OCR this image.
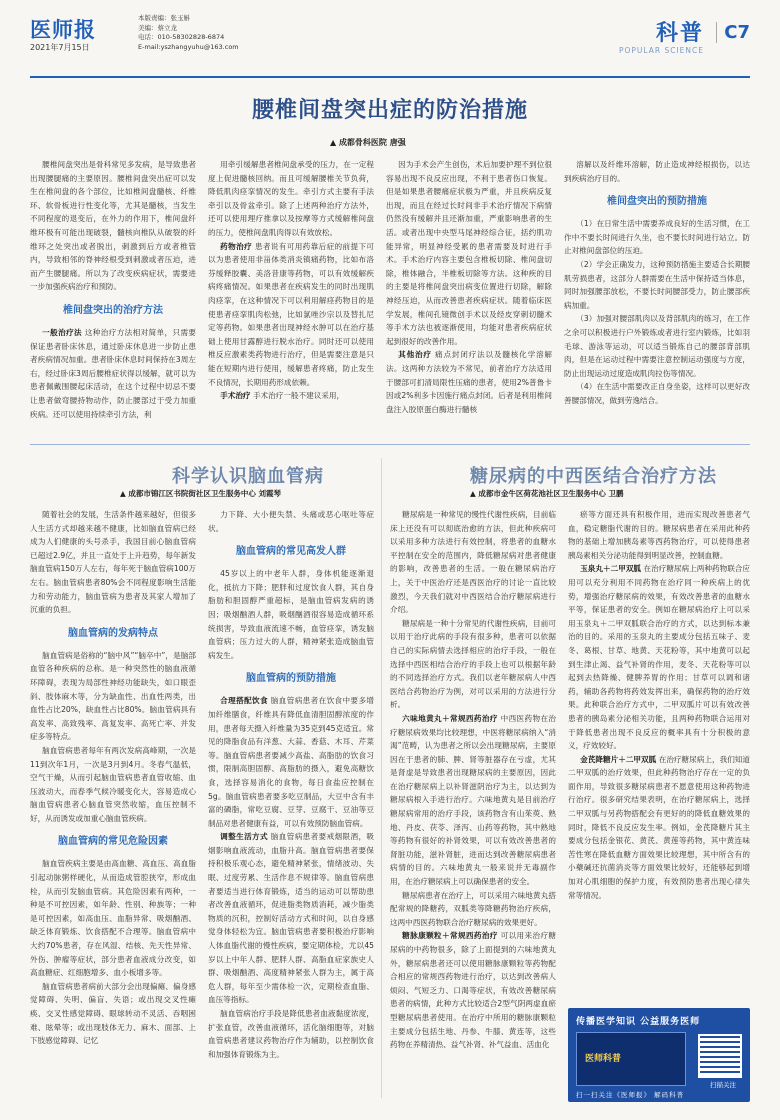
医师报
2021年7月15日
本版责编：张玉斛
美编：蔡立龙
电话：010-58302828-6874
E-mail:yszhangyuhu@163.com
科普
POPULAR SCIENCE
C7
腰椎间盘突出症的防治措施
▲ 成都骨科医院 唐强

腰椎间盘突出是骨科常见多发病，是导致患者出现腰腿痛的主要原因。腰椎间盘突出症可以发生在椎间盘的各个部位，比如椎间盘髓核、纤维环、软骨板进行性变化等，尤其是髓核，当发生不同程度的退变后，在外力的作用下，椎间盘纤维环极有可能出现破裂，髓核向椎队从破裂的纤维环之处突出或者脱出，刺激到后方或者椎管内，导致相邻的脊神经根受到刺激或者压迫，进而产生腰腿痛。所以为了改变疾病症状，需要进一步加强疾病治疗和预防。

椎间盘突出的治疗方法

一般治疗法 这种治疗方法相对简单，只需要保证患者卧床休息，通过卧床休息进一步防止患者疾病情况加重。患者卧床休息时间保持在3周左右，经过卧床3周后腰椎症状得以缓解，就可以为患者佩戴围腰起床活动，在这个过程中切忌不要让患者做弯腰持物动作，防止腰部过于受力加重疾病。还可以使用持续牵引方法，利

用牵引缓解患者椎间盘承受的压力，在一定程度上促进髓核回纳。而且可缓解腰椎关节负荷，降低肌肉痉挛情况的发生。牵引方式主要有手法牵引以及骨盆牵引。除了上述两种治疗方法外，还可以使用理疗推拿以及按摩等方式缓解椎间盘的压力，使椎间盘肌肉得以有效放松。

药物治疗 患者说有可用药靠后症的前提下可以为患者使用非甾体类消炎镇痛药物，比如布洛芬缓释胶囊、美洛昔康等药物，可以有效缓解疾病疼痛情况。如果患者在疾病发生的同时出现肌肉痉挛，在这种情况下可以利用解痉药物目的是使患者痉挛肌肉松弛，比如氯唑沙宗以及替扎尼定等药物。如果患者出现神经水肿可以在治疗基础上使用甘露醇进行脱水治疗。同时还可以使用椎反应激素类药物进行治疗，但是需要注意是只能在短期内进行使用，缓解患者疼痛，防止发生不良情况，长期用药形成依赖。

手术治疗 手术治疗一般不建议采用，

因为手术会产生创伤，术后加要护理不到位很容易出现不良反应出现，不利于患者伤口恢复。但是如果患者腰痛症状极为严重，并且疾病反复出现，而且在经过长时间非手术治疗情况下病情仍然没有缓解并且还渐加重，严重影响患者的生活。或者出现中央型马尾神经综合征，括约肌功能异常，明显神经受累的患者需要及时进行手术。手术治疗内容主要包含椎板切除、椎间盘切除，椎体融合，半椎板切除等方法。这种疾的目的主要是将椎间盘突出病变位置进行切除，解除神经压迫，从而改善患者疾病症状。随着临床医学发展，椎间孔镜微创手术以及经皮穿刺切髓术等手术方法也被逐渐使用，均能对患者疾病症状起到很好的改善作用。

其他治疗 痛点封闭疗法以及髓核化学溶解法。这两种方法较为不常见，前者治疗方法适用于腰部可扪清局限性压痛的患者，使用2%普鲁卡因或2%利多卡因施行痛点封闭。后者是利用椎间盘注入胶原蛋白酶进行髓核

溶解以及纤维环溶解，防止造成神经根损伤，以达到疾病治疗目的。

椎间盘突出的预防措施

（1）在日常生活中需要养成良好的生活习惯，在工作中不要长时间进行久坐，也不要长时间进行站立。防止对椎间盘部位的压迫。

（2）学会正确发力，这种预防措施主要适合长期腰肌劳损患者，这部分人群需要在生活中保持适当体息，同时加强腰部放松，不要长时间腰部受力，防止腰部疾病加重。

（3）加强对腰部肌肉以及背部肌肉的练习，在工作之余可以积极进行户外锻炼或者进行室内锻炼，比如羽毛球、游泳等运动，可以适当锻炼自己的腰部背部肌肉，但是在运动过程中需要注意控制运动强度与方度，防止出现运动过度造成肌肉拉伤等情况。

（4）在生活中需要改正自身坐姿，这样可以更好改善腰部情况，做到劳逸结合。

科学认识脑血管病
▲ 成都市锦江区书院街社区卫生服务中心 刘霞琴

随着社会的发展，生活条件越来越好，但很多人生活方式却越来越不健康，比如脑血管病已经成为人们健康的头号杀手，我国目前心脑血管病已超过2.9亿，并且一直处于上升趋势，每年新发脑血管病150万人左右，每年死于脑血管病100万左右。脑血管病患者80%会不同程度影响生活能力和劳动能力，脑血管病为患者及其家人增加了沉重的负担。

脑血管病的发病特点

脑血管病是俗称的“脑中风”“脑卒中”，是脑部血管各种疾病的总称。是一种突然性的脑血液循环障碍，表现为局部性神经功能缺失，如口眼歪斜、肢体麻木等，分为缺血性、出血性两类，出血性占比20%，缺血性占比80%。脑血管病具有高发率、高致残率、高复发率、高死亡率、并发症多等特点。

脑血管病患者每年有两次发病高峰期，一次是11到次年1月，一次是3月到4月。冬春气温低，空气干燥，从而引起脑血管病患者血管收缩、血压波动大，而春季气候冷暖变化大，容易造成心脑血管病患者心脑血管突然收缩，血压控制不好，从而诱发或加重心脑血管疾病。

脑血管病的常见危险因素

脑血管疾病主要是由高血糖、高血压、高血脂引起动脉粥样硬化，从而造成管腔狭窄，形成血栓，从而引发脑血管病。其危险因素有两种，一种是不可控因素，如年龄、性别、种族等；一种是可控因素，如高血压、血脂异常、吸烟酗酒、缺乏体育锻炼、饮食搭配不合理等。脑血管病中大约70%患者，存在风湿、结核、先天性异常、外伤、肿瘤等症状，部分患者血液成分改变，如高血糖症、红细胞增多、血小板增多等。

脑血管病患者病前大部分会出现偏瘫、偏身感觉障碍、失明、偏盲、失语；或出现交叉性瘫痪、交叉性感觉障碍、眼球转动不灵活、吞咽困难、眩晕等；或出现肢体无力、麻木、面部、上下肢感觉障碍、记忆

力下降、大小便失禁、头痛或恶心呕吐等症状。

脑血管病的常见高发人群

45岁以上的中老年人群，身体机能逐渐退化，抵抗力下降；肥胖和过度饮食人群，其自身脂肪和胆固醇严重超标，是脑血管病发病的诱因；吸烟酗酒人群，吸烟酗酒很容易造成循环系统损害，导致血液流速不畅，血管痉挛，诱发脑血管病；压力过大的人群，精神紧张造成脑血管病发生。

脑血管病的预防措施

合理搭配饮食 脑血管病患者在饮食中要多增加纤维膳食，纤维具有降低血清胆固醇浓度的作用，患者每天摄入纤维量为35克到45克适宜。常见的降脂食品有洋葱、大蒜、香菇、木耳、芹菜等。脑血管病患者要减少高盐、高脂肪的饮食习惯，限制高胆固醇、高脂肪的摄入，避免高糖饮食，选择容易消化的食物，每日食盐应控制在5g。脑血管病患者要多吃豆制品，大豆中含有丰富的磷脂，常吃豆腐、豆芽、豆腐干、豆油等豆制品对患者健康有益，可以有效预防脑血管病。

调整生活方式 脑血管病患者要戒烟限酒，吸烟影响血液流动，血脂升高。脑血管病患者要保持积极乐观心态，避免精神紧张，情绪波动、失眠、过度劳累、生活作息不规律等。脑血管病患者要适当进行体育锻炼，适当的运动可以帮助患者改善血液循环，促进脂类物质消耗，减少脂类物质的沉积，控制好活动方式和时间，以自身感觉身体轻松为宜。脑血管病患者要积极治疗影响人体血脂代谢的慢性疾病，要定期体检，尤以45岁以上中年人群、肥胖人群、高脂血症家族史人群、吸烟酗酒、高度精神紧张人群为主，属于高危人群，每年至少需体检一次，定期检查血脂、血压等指标。

脑血管病治疗手段是降低患者血液黏度浓度，扩张血管，改善血液循环，活化脑细胞等，对脑血管病患者建议药物治疗作为辅助，以控制饮食和加强体育锻炼为主。

糖尿病的中西医结合治疗方法
▲ 成都市金牛区荷花池社区卫生服务中心 卫鹏

糖尿病是一种常见的慢性代谢性疾病，目前临床上还没有可以彻底治愈的方法，但此种疾病可以采用多种方法进行有效控制，将患者的血糖水平控制在安全的范围内，降低糖尿病对患者健康的影响，改善患者的生活。一般在糖尿病治疗上，关于中医治疗还是西医治疗的讨论一直比较激烈，今天我们就对中西医结合治疗糖尿病进行介绍。

糖尿病是一种十分常见的代谢性疾病，目前可以用于治疗此病的手段有很多种，患者可以依据自己的实际病情去选择相应的治疗手段，一般在选择中西医相结合治疗的手段上也可以根据年龄的不同选择治疗方式。我们以老年糖尿病人中西医结合药物治疗为例，对可以采用的方法进行分析。

六味地黄丸＋常规西药治疗 中西医药物在治疗糖尿病效果均比较理想，中医将糖尿病纳入“消渴”范畴，认为患者之所以会出现糖尿病，主要原因在于患者的肺、脾、肾等脏器存在亏虚，尤其是肾虚是导致患者出现糖尿病的主要原因，因此在治疗糖尿病上以补肾滋阴治疗为主，以达到为糖尿病根入手进行治疗。六味地黄丸是目前治疗糖尿病常用的治疗手段，该药物含有山茱萸、熟地、丹皮、茯苓、泽泻、山药等药物，其中熟地等药物有很好的补肾效果，可以有效改善患者的肾脏功能，滋补肾脏，进而达到改善糖尿病患者病情的目的。六味地黄丸一般来说并无毒副作用，在治疗糖尿病上可以确保患者的安全。

糖尿病患者在治疗上，可以采用六味地黄丸搭配常规的降糖药，双胍类等降糖药物治疗疾病，这两中西医药物联合治疗糖尿病的效果更好。

糖脉康颗粒＋常规西药治疗 可以用来治疗糖尿病的中药物很多，除了上面提到的六味地黄丸外，糖尿病患者还可以使用糖脉康颗粒等药物配合相应的常规西药物进行治疗，以达到改善病人烦闷、气短乏力、口渴等症状，有效改善糖尿病患者的病情，此种方式比较适合2型气阴两虚血瘀型糖尿病患者使用。在治疗中所用的糖脉康颗粒主要成分包括生地、丹参、牛膝、黄连等，这些药物在养精清热、益气补肾、补气益血、活血化

瘀等方面还具有积极作用，进而实现改善患者气血，稳定糖脂代谢的目的。糖尿病患者在采用此种药物的基础上增加胰岛素等西药物治疗，可以使得患者胰岛素相关分泌功能得到明显改善，控制血糖。

玉泉丸＋二甲双胍 在治疗糖尿病上两种药物联合应用可以充分利用不同药物在治疗同一种疾病上的优势，增强治疗糖尿病的效果，有效改善患者的血糖水平等，保证患者的安全。例如在糖尿病治疗上可以采用玉泉丸＋二甲双胍联合治疗的方式，以达到标本兼治的目的。采用的玉泉丸的主要成分包括五味子、麦冬、葛根、甘草、地黄、天花粉等，其中地黄可以起到生津止渴、益气补肾的作用，麦冬、天花粉等可以起到去热降燥、健脾养胃的作用；甘草可以调和诸药，辅助各药物将药效发挥出来，确保药物的治疗效果。此种联合治疗方式中，二甲双胍片可以有效改善患者的胰岛素分泌相关功能，且两种药物联合运用对于降低患者出现不良反应的概率具有十分积极的意义，疗效较好。

金芪降糖片＋二甲双胍 在治疗糖尿病上，我们知道二甲双胍的治疗效果，但此种药物治疗存在一定的负面作用，导致很多糖尿病患者不愿意使用这种药物进行治疗。很多研究结果表明，在治疗糖尿病上，选择二甲双胍与另药物搭配会有更好的的降低血糖效果的同时，降低不良反应发生率。例如，金芪降糖片其主要成分包括金银花、黄芪、黄莲等药物，其中黄连味苦性寒在降低血糖方面效果比较理想，其中所含有的小蘗碱还抗菌消炎等方面效果比较好，还能够起到增加对心肌细胞的保护力度，有效预防患者出现心律失常等情况。

传播医学知识 公益服务医师
医师科普
扫描关注
扫一扫关注《医师报》 解码科普
